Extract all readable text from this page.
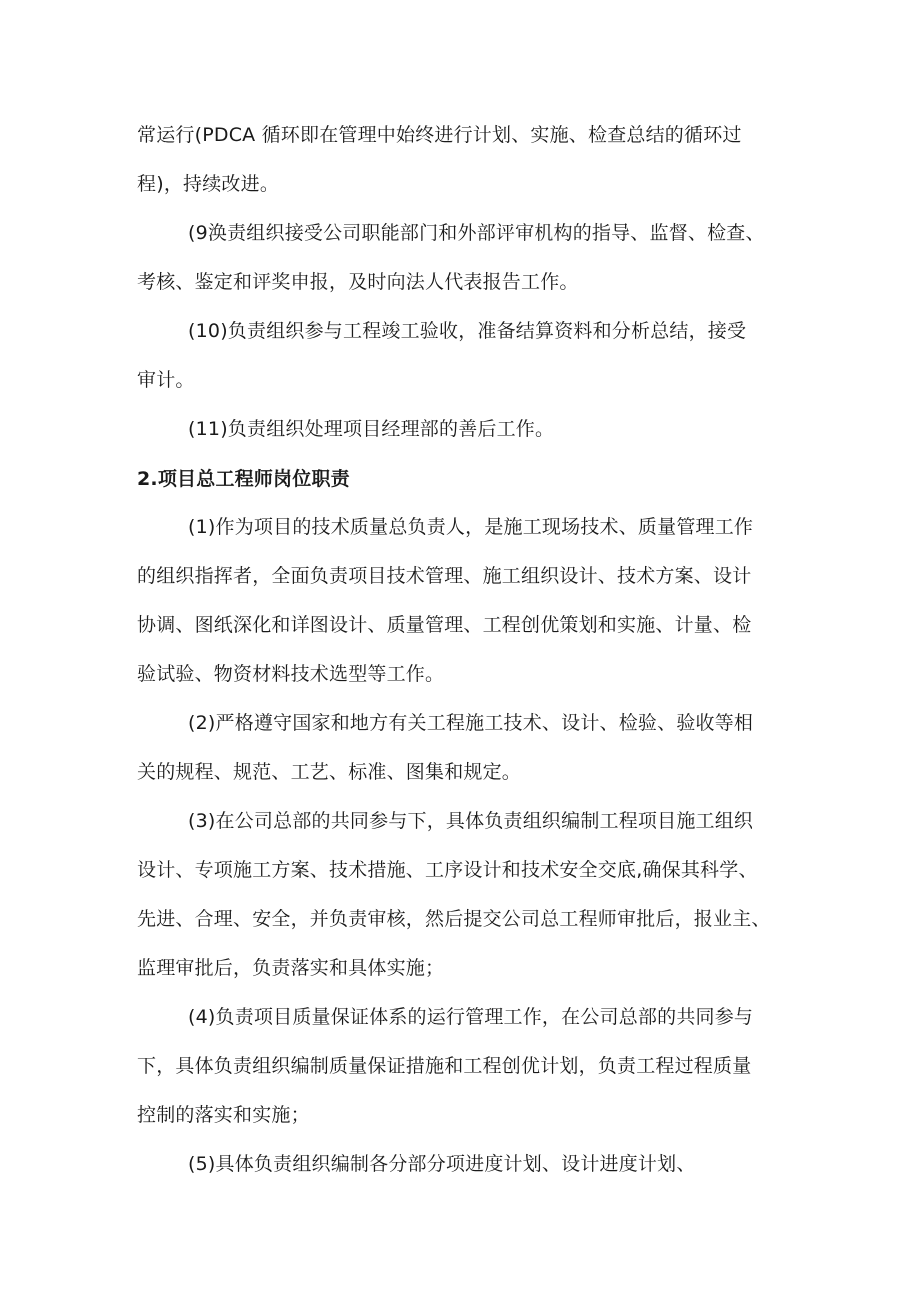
常运行(PDCA 循环即在管理中始终进行计划、实施、检查总结的循环过
程)，持续改进。
(9涣责组织接受公司职能部门和外部评审机构的指导、监督、检查、
考核、鉴定和评奖申报，及时向法人代表报告工作。
(10)负责组织参与工程竣工验收，准备结算资料和分析总结，接受
审计。
(11)负责组织处理项目经理部的善后工作。
2.项目总工程师岗位职责
(1)作为项目的技术质量总负责人，是施工现场技术、质量管理工作
的组织指挥者，全面负责项目技术管理、施工组织设计、技术方案、设计
协调、图纸深化和详图设计、质量管理、工程创优策划和实施、计量、检
验试验、物资材料技术选型等工作。
(2)严格遵守国家和地方有关工程施工技术、设计、检验、验收等相
关的规程、规范、工艺、标准、图集和规定。
(3)在公司总部的共同参与下，具体负责组织编制工程项目施工组织
设计、专项施工方案、技术措施、工序设计和技术安全交底,确保其科学、
先进、合理、安全，并负责审核，然后提交公司总工程师审批后，报业主、
监理审批后，负责落实和具体实施；
(4)负责项目质量保证体系的运行管理工作，在公司总部的共同参与
下，具体负责组织编制质量保证措施和工程创优计划，负责工程过程质量
控制的落实和实施；
(5)具体负责组织编制各分部分项进度计划、设计进度计划、
